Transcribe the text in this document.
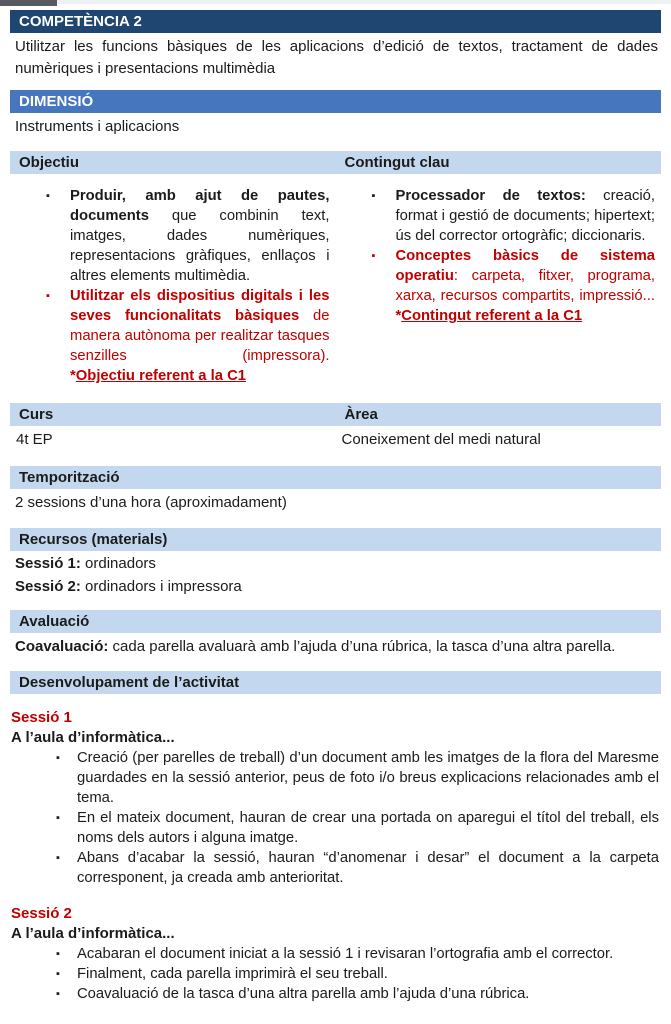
COMPETÈNCIA 2

Utilitzar les funcions bàsiques de les aplicacions d’edició de textos, tractament de dades numèriques i presentacions multimèdia

DIMENSIÓ

Instruments i aplicacions

Objectiu	Contingut clau
▪ Produir, amb ajut de pautes, documents que combinin text, imatges, dades numèriques, representacions gràfiques, enllaços i altres elements multimèdia.
▪ Utilitzar els dispositius digitals i les seves funcionalitats bàsiques de manera autònoma per realitzar tasques senzilles (impressora).
*Objectiu referent a la C1
▪ Processador de textos: creació, format i gestió de documents; hipertext; ús del corrector ortogràfic; diccionaris.
▪ Conceptes bàsics de sistema operatiu: carpeta, fitxer, programa, xarxa, recursos compartits, impressió...
*Contingut referent a la C1
Curs	Àrea
4t EP	Coneixement del medi natural
Temporització

2 sessions d’una hora (aproximadament)

Recursos (materials)

Sessió 1: ordinadors

Sessió 2: ordinadors i impressora

Avaluació

Coavaluació: cada parella avaluarà amb l’ajuda d’una rúbrica, la tasca d’una altra parella.

Desenvolupament de l’activitat
Sessió 1
A l’aula d’informàtica...
▪ Creació (per parelles de treball) d’un document amb les imatges de la flora del Maresme guardades en la sessió anterior, peus de foto i/o breus explicacions relacionades amb el tema.
▪ En el mateix document, hauran de crear una portada on aparegui el títol del treball, els noms dels autors i alguna imatge.
▪ Abans d’acabar la sessió, hauran “d’anomenar i desar” el document a la carpeta corresponent, ja creada amb anterioritat.
Sessió 2
A l’aula d’informàtica...
▪ Acabaran el document iniciat a la sessió 1 i revisaran l’ortografia amb el corrector.
▪ Finalment, cada parella imprimirà el seu treball.
▪ Coavaluació de la tasca d’una altra parella amb l’ajuda d’una rúbrica.
